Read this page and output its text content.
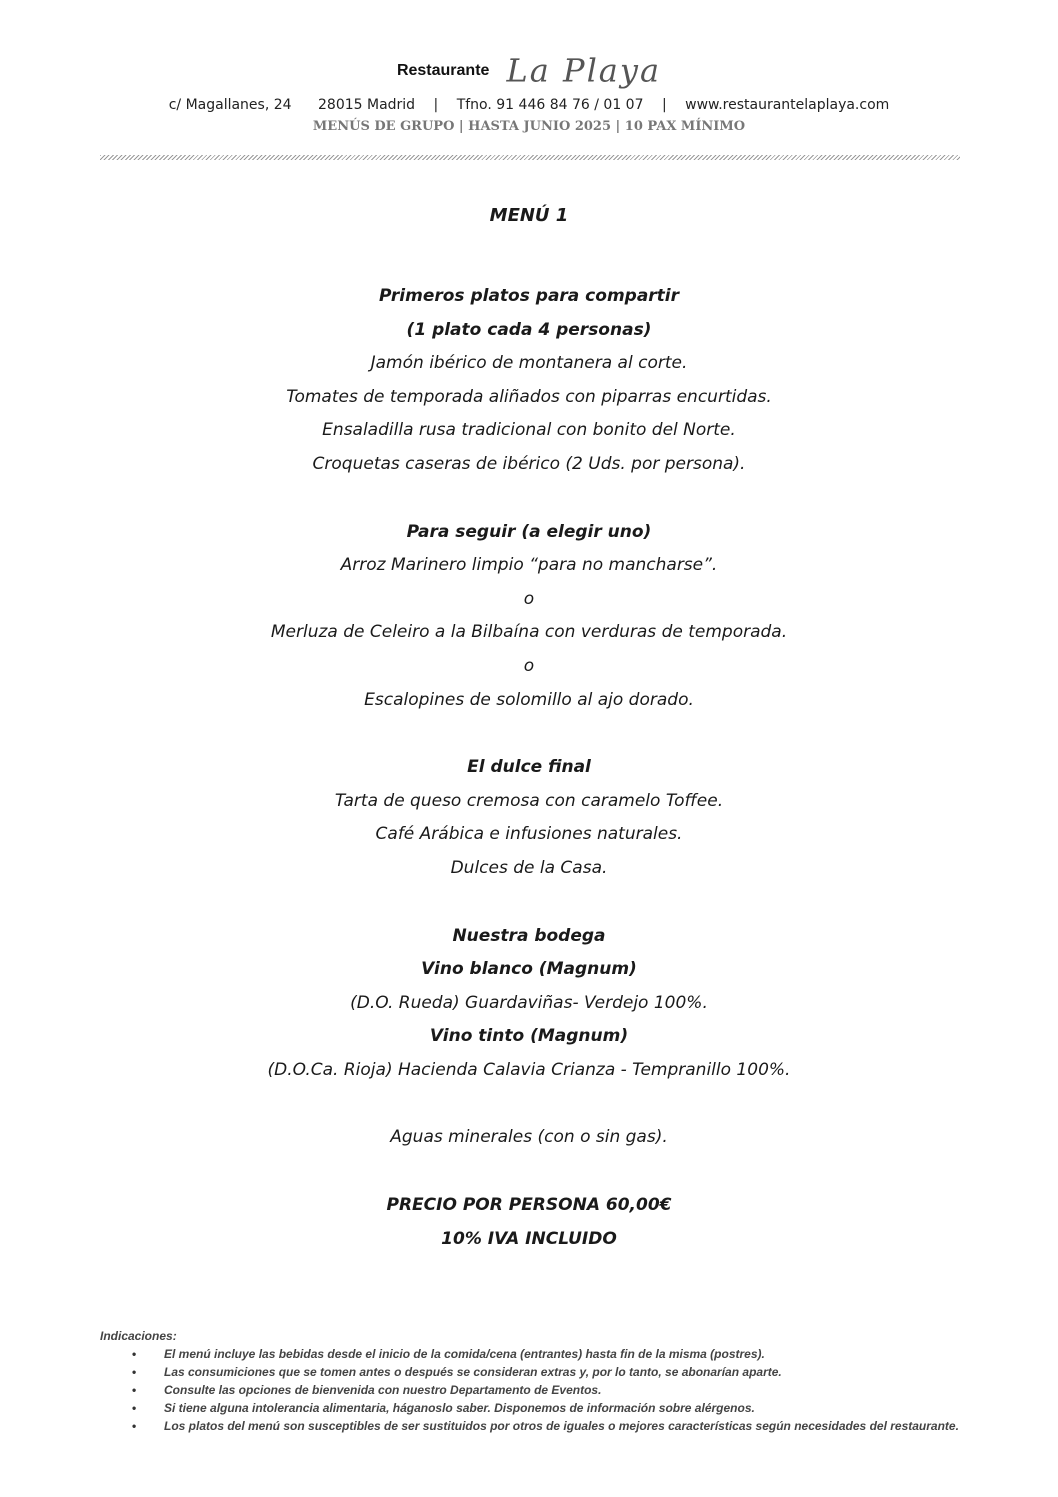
Restaurante La Playa
c/ Magallanes, 24 28015 Madrid | Tfno. 91 446 84 76 / 01 07 | www.restaurantelaplaya.com
MENÚS DE GRUPO | HASTA JUNIO 2025 | 10 PAX MÍNIMO
MENÚ 1
Primeros platos para compartir
(1 plato cada 4 personas)
Jamón ibérico de montanera al corte.
Tomates de temporada aliñados con piparras encurtidas.
Ensaladilla rusa tradicional con bonito del Norte.
Croquetas caseras de ibérico (2 Uds. por persona).
Para seguir (a elegir uno)
Arroz Marinero limpio “para no mancharse”.
o
Merluza de Celeiro a la Bilbaína con verduras de temporada.
o
Escalopines de solomillo al ajo dorado.
El dulce final
Tarta de queso cremosa con caramelo Toffee.
Café Arábica e infusiones naturales.
Dulces de la Casa.
Nuestra bodega
Vino blanco (Magnum)
(D.O. Rueda) Guardaviñas- Verdejo 100%.
Vino tinto (Magnum)
(D.O.Ca. Rioja) Hacienda Calavia Crianza - Tempranillo 100%.
Aguas minerales (con o sin gas).
PRECIO POR PERSONA 60,00€
10% IVA INCLUIDO
Indicaciones:
• El menú incluye las bebidas desde el inicio de la comida/cena (entrantes) hasta fin de la misma (postres).
• Las consumiciones que se tomen antes o después se consideran extras y, por lo tanto, se abonarían aparte.
• Consulte las opciones de bienvenida con nuestro Departamento de Eventos.
• Si tiene alguna intolerancia alimentaria, háganoslo saber. Disponemos de información sobre alérgenos.
• Los platos del menú son susceptibles de ser sustituidos por otros de iguales o mejores características según necesidades del restaurante.
